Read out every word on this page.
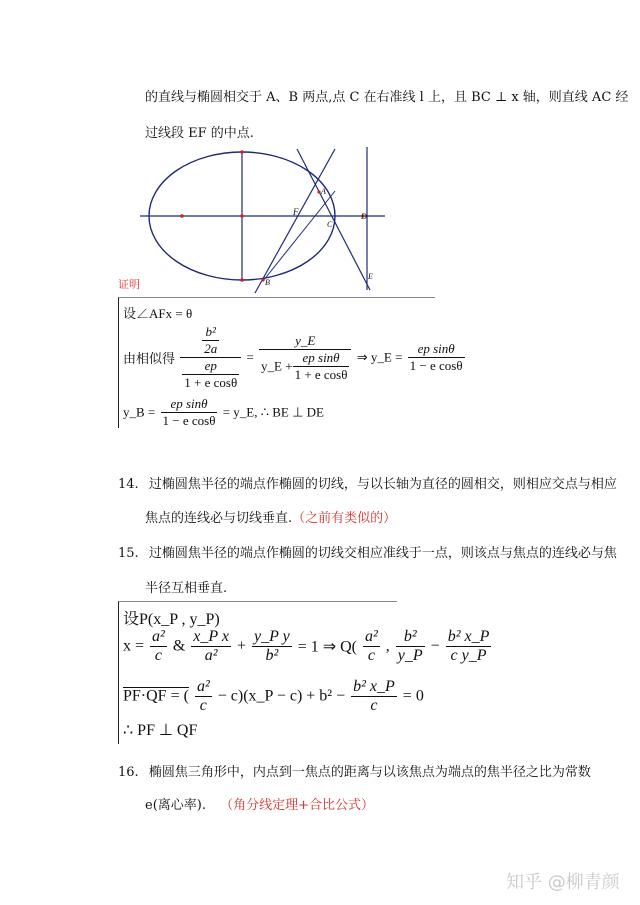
的直线与椭圆相交于 A、B 两点,点 C 在右准线 l 上，且 BC ⊥ x 轴，则直线 AC 经
过线段 EF 的中点.
A
F
C
D
E
B
证明
设∠AFx = θ
由相似得 $\frac{\frac{\text{b²}}{2a}}{\frac{ep}{\text{1 + e cosθ}}} = \frac{y\_E}{y\_E + \frac{\text{ep sinθ}}{\text{1 + e cosθ}}}$ ⇒ y_E = $\frac{\text{ep sinθ}}{\text{1 − e cosθ}}$
y_B = $\frac{\text{ep sinθ}}{\text{1 − e cosθ}}$ = y_E, ∴ BE ⊥ DE
14. 过椭圆焦半径的端点作椭圆的切线，与以长轴为直径的圆相交，则相应交点与相应
焦点的连线必与切线垂直.（之前有类似的）
15. 过椭圆焦半径的端点作椭圆的切线交相应准线于一点，则该点与焦点的连线必与焦
半径互相垂直.
设P(x_P , y_P)
$x = \frac{\text{a²}}{c}$ & $\frac{\text{x\_P x}}{\text{a²}} + \frac{\text{y\_P y}}{\text{b²}} = 1$ ⇒ $Q( \frac{\text{a²}}{c}$ , $\frac{\text{b²}}{y\_P} - \frac{\text{b² x\_P}}{\text{c y\_P}}$
PF·QF = ( $\frac{\text{a²}}{c}$ − c)(x_P − $c) + b^2 - \frac{\text{b² x\_P}}{c} = 0$
∴ PF ⊥ QF
16. 椭圆焦三角形中，内点到一焦点的距离与以该焦点为端点的焦半径之比为常数
e(离心率). （角分线定理+合比公式）
知乎 @柳青颜
